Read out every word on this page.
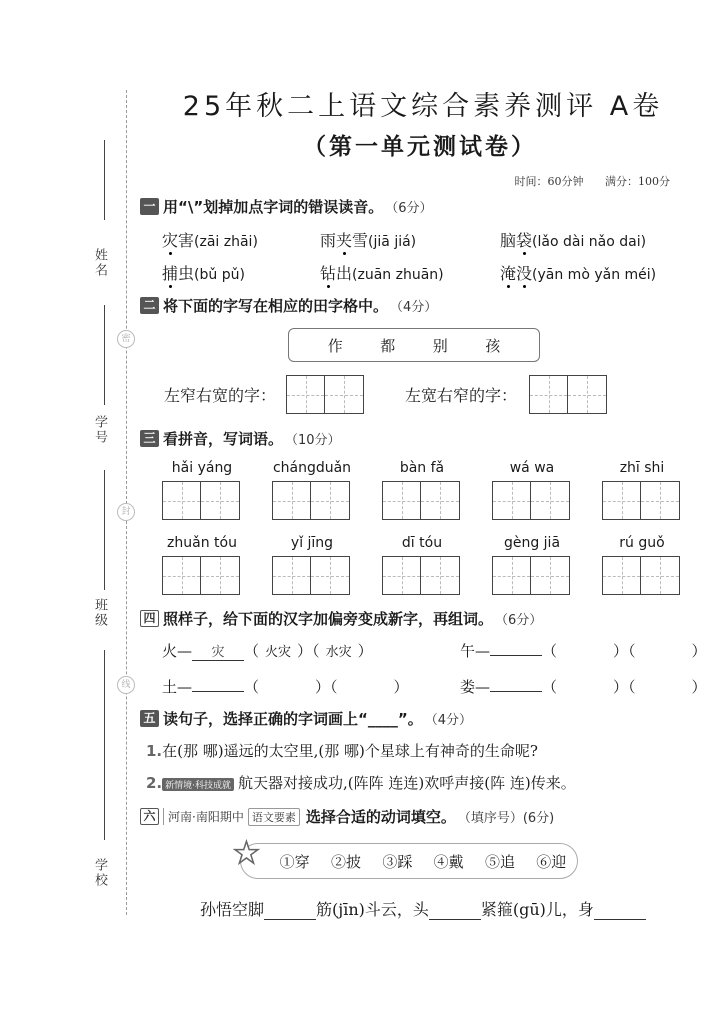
姓名
密
学号
封
班级
线
学校
25年秋二上语文综合素养测评 A卷
（第一单元测试卷）
时间：60分钟 满分：100分
一 用“\”划掉加点字词的错误读音。 （6分）
灾害(zāi zhāi)	雨夹雪(jiā jiá)	脑袋(lǎo dài nǎo dai)
捕虫(bǔ pǔ)	钻出(zuān zhuān)	淹没(yān mò yǎn méi)
二 将下面的字写在相应的田字格中。 （4分）
作 都 别 孩
左窄右宽的字：	左宽右窄的字：
三 看拼音，写词语。 （10分）
hǎi yáng	chángduǎn	bàn fǎ	wá wa	zhī shi
zhuǎn tóu	yǐ jīng	dī tóu	gèng jiā	rú guǒ
四 照样子，给下面的汉字加偏旁变成新字，再组词。 （6分）
火— 灾 （ 火灾 ）（ 水灾 ）	午—	（	）（	）
土—	（	）（	）	娄—	（	）（	）
五 读句子，选择正确的字词画上“____”。 （4分）
1.在(那 哪)遥远的太空里,(那 哪)个星球上有神奇的生命呢?
2. 新情境·科技成就 航天器对接成功,(阵阵 连连)欢呼声接(阵 连)传来。
六	河南·南阳期中 语文要素 选择合适的动词填空。 （填序号）(6分)
①穿 ②披 ③踩 ④戴 ⑤追 ⑥迎
★
孙悟空脚	筋(jīn)斗云，头	紧箍(gū)儿，身
